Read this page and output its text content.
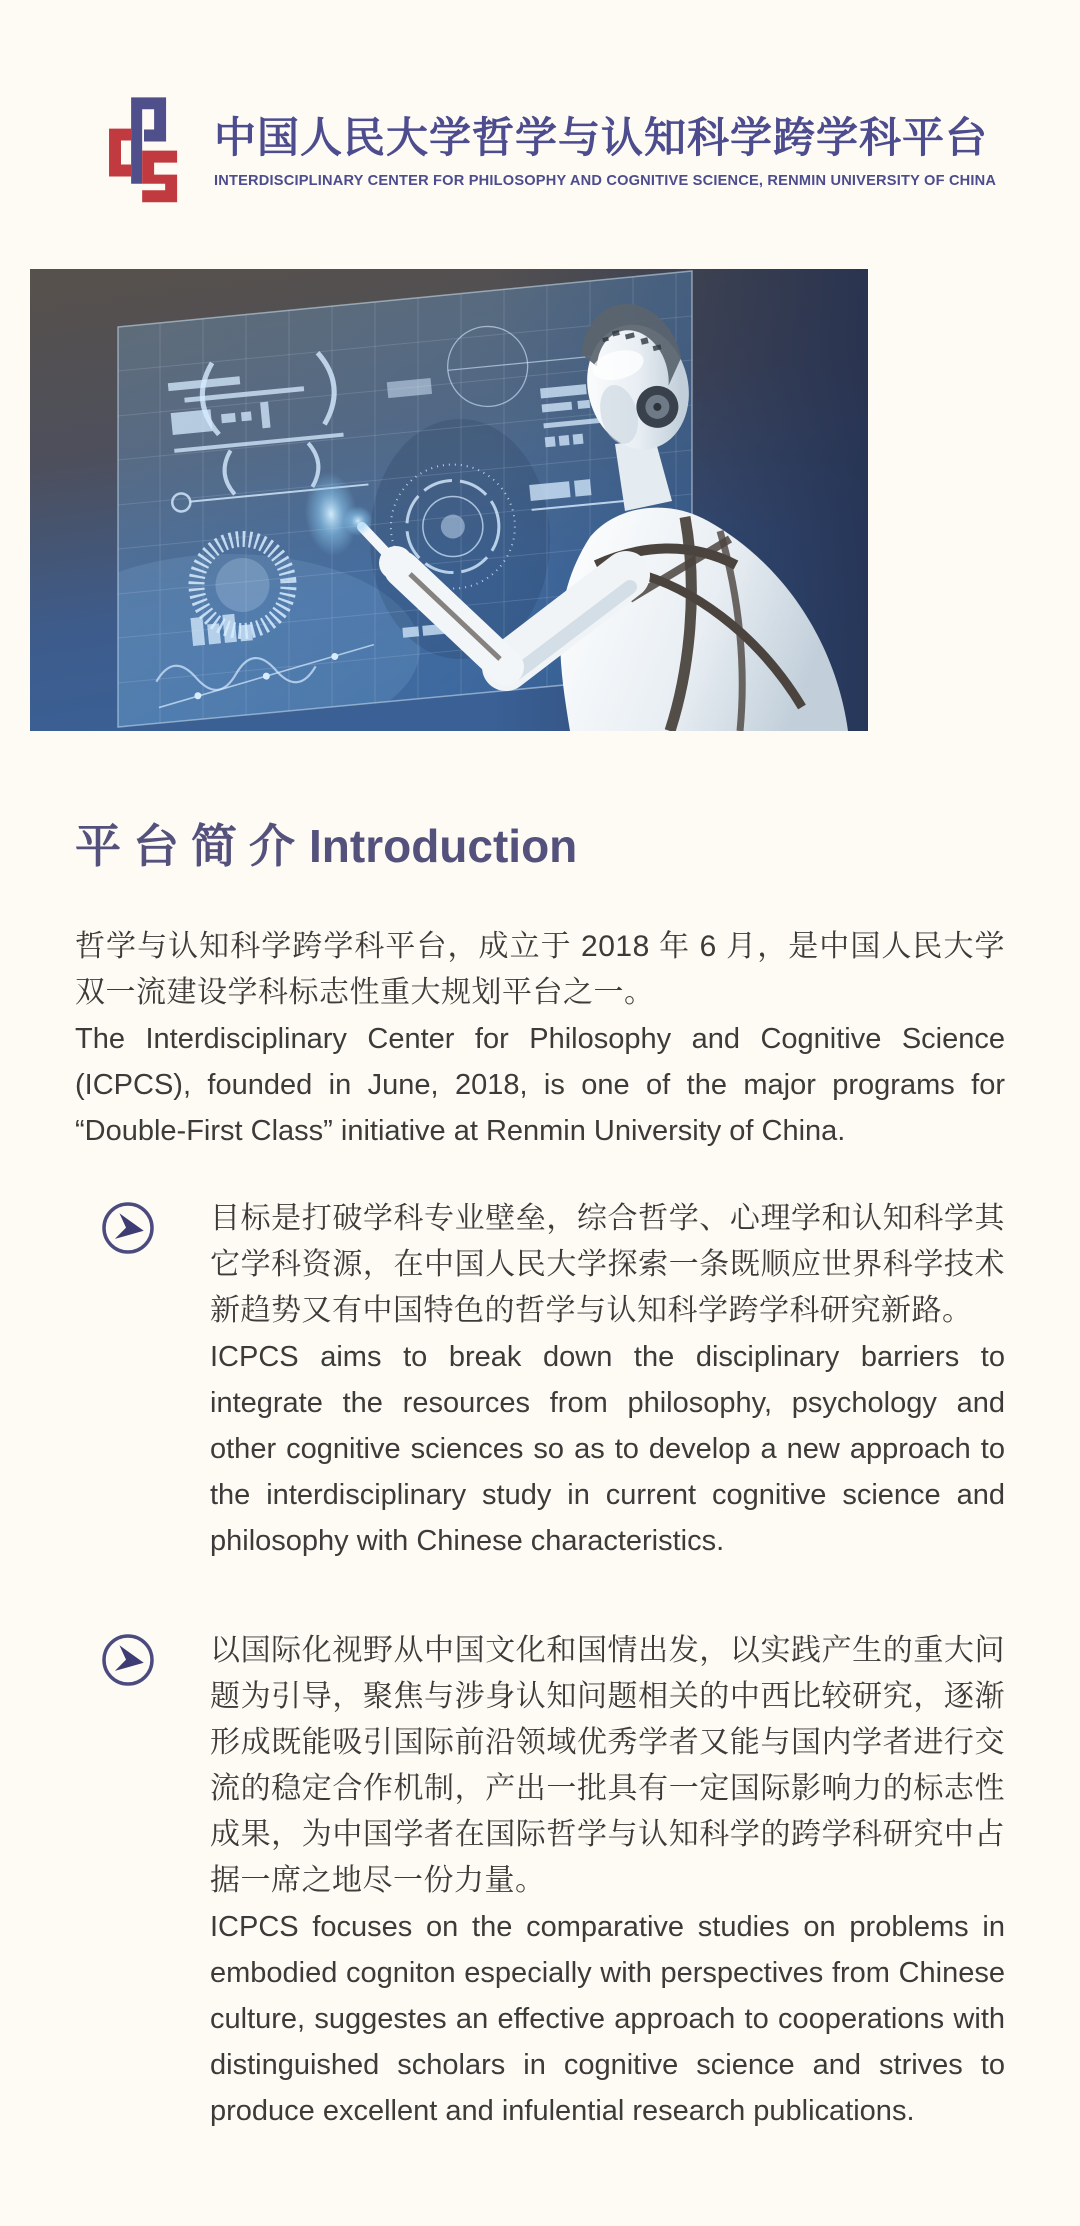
中国人民大学哲学与认知科学跨学科平台
INTERDISCIPLINARY CENTER FOR PHILOSOPHY AND COGNITIVE SCIENCE, RENMIN UNIVERSITY OF CHINA
平台简介Introduction

哲学与认知科学跨学科平台，成立于 2018 年 6 月，是中国人民大学双一流建设学科标志性重大规划平台之一。

The Interdisciplinary Center for Philosophy and Cognitive Science (ICPCS), founded in June, 2018, is one of the major programs for “Double-First Class” initiative at Renmin University of China.

目标是打破学科专业壁垒，综合哲学、心理学和认知科学其它学科资源，在中国人民大学探索一条既顺应世界科学技术新趋势又有中国特色的哲学与认知科学跨学科研究新路。

ICPCS aims to break down the disciplinary barriers to integrate the resources from philosophy, psychology and other cognitive sciences so as to develop a new approach to the interdisciplinary study in current cognitive science and philosophy with Chinese characteristics.

以国际化视野从中国文化和国情出发，以实践产生的重大问题为引导，聚焦与涉身认知问题相关的中西比较研究，逐渐形成既能吸引国际前沿领域优秀学者又能与国内学者进行交流的稳定合作机制，产出一批具有一定国际影响力的标志性成果，为中国学者在国际哲学与认知科学的跨学科研究中占据一席之地尽一份力量。

ICPCS focuses on the comparative studies on problems in embodied cogniton especially with perspectives from Chinese culture, suggestes an effective approach to cooperations with distinguished scholars in cognitive science and strives to produce excellent and infulential research publications.
